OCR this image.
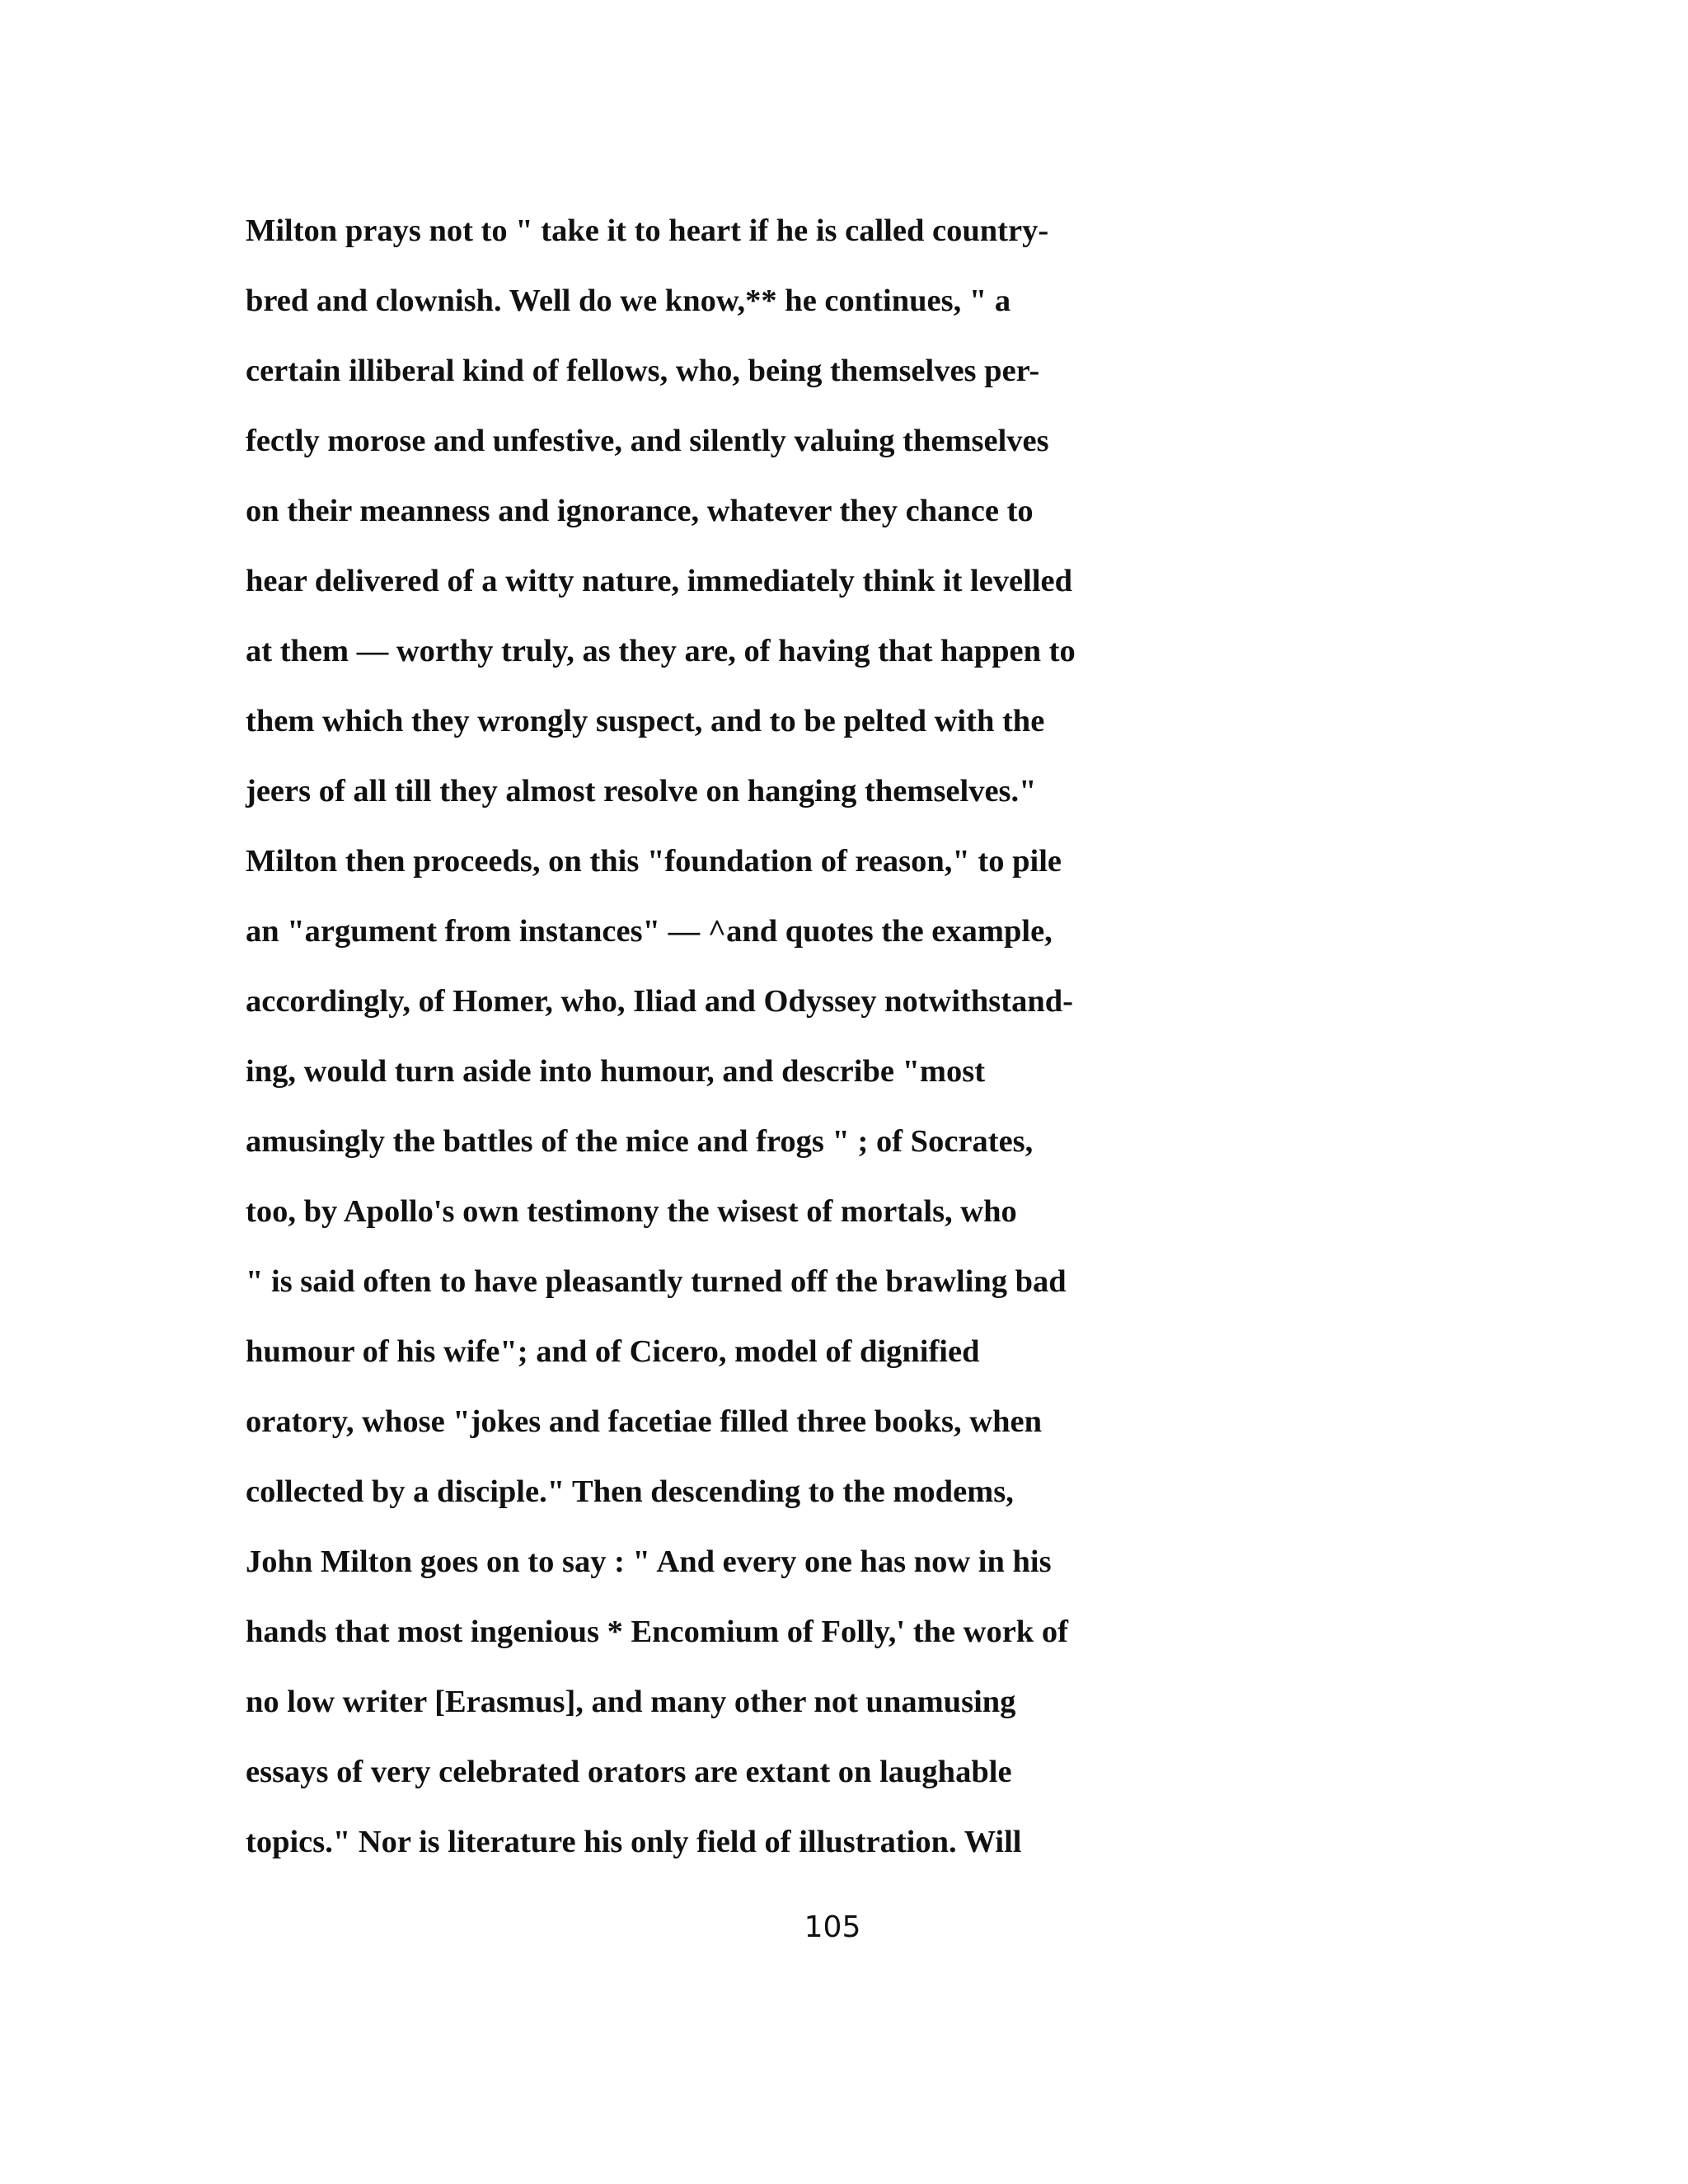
Milton prays not to " take it to heart if he is called country-

bred and clownish. Well do we know,** he continues, " a

certain illiberal kind of fellows, who, being themselves per-

fectly morose and unfestive, and silently valuing themselves

on their meanness and ignorance, whatever they chance to

hear delivered of a witty nature, immediately think it levelled

at them — worthy truly, as they are, of having that happen to

them which they wrongly suspect, and to be pelted with the

jeers of all till they almost resolve on hanging themselves."

Milton then proceeds, on this "foundation of reason," to pile

an "argument from instances" — ^and quotes the example,

accordingly, of Homer, who, Iliad and Odyssey notwithstand-

ing, would turn aside into humour, and describe "most

amusingly the battles of the mice and frogs " ; of Socrates,

too, by Apollo's own testimony the wisest of mortals, who

" is said often to have pleasantly turned off the brawling bad

humour of his wife"; and of Cicero, model of dignified

oratory, whose "jokes and facetiae filled three books, when

collected by a disciple." Then descending to the modems,

John Milton goes on to say : " And every one has now in his

hands that most ingenious * Encomium of Folly,' the work of

no low writer [Erasmus], and many other not unamusing

essays of very celebrated orators are extant on laughable

topics." Nor is literature his only field of illustration. Will

105
